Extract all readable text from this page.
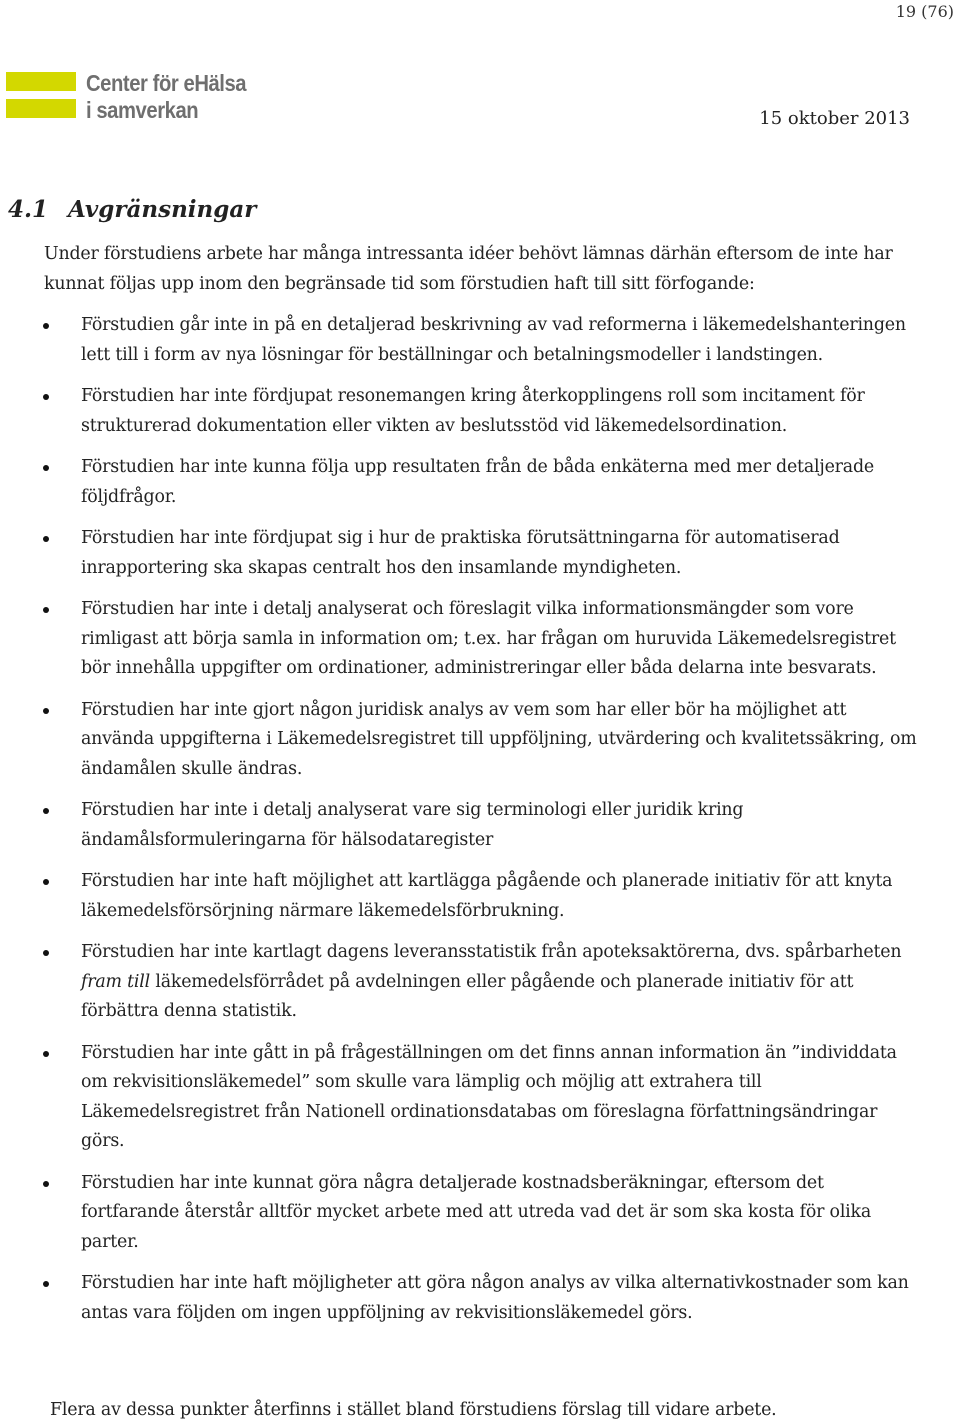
19 (76)
Center för eHälsa
i samverkan	15 oktober 2013
4.1 Avgränsningar

Under förstudiens arbete har många intressanta idéer behövt lämnas därhän eftersom de inte har kunnat följas upp inom den begränsade tid som förstudien haft till sitt förfogande:

Förstudien går inte in på en detaljerad beskrivning av vad reformerna i läkemedelshanteringen lett till i form av nya lösningar för beställningar och betalningsmodeller i landstingen.
Förstudien har inte fördjupat resonemangen kring återkopplingens roll som incitament för strukturerad dokumentation eller vikten av beslutsstöd vid läkemedelsordination.
Förstudien har inte kunna följa upp resultaten från de båda enkäterna med mer detaljerade följdfrågor.
Förstudien har inte fördjupat sig i hur de praktiska förutsättningarna för automatiserad inrapportering ska skapas centralt hos den insamlande myndigheten.
Förstudien har inte i detalj analyserat och föreslagit vilka informationsmängder som vore rimligast att börja samla in information om; t.ex. har frågan om huruvida Läkemedelsregistret bör innehålla uppgifter om ordinationer, administreringar eller båda delarna inte besvarats.
Förstudien har inte gjort någon juridisk analys av vem som har eller bör ha möjlighet att använda uppgifterna i Läkemedelsregistret till uppföljning, utvärdering och kvalitetssäkring, om ändamålen skulle ändras.
Förstudien har inte i detalj analyserat vare sig terminologi eller juridik kring ändamålsformuleringarna för hälsodataregister
Förstudien har inte haft möjlighet att kartlägga pågående och planerade initiativ för att knyta läkemedelsförsörjning närmare läkemedelsförbrukning.
Förstudien har inte kartlagt dagens leveransstatistik från apoteksaktörerna, dvs. spårbarheten fram till läkemedelsförrådet på avdelningen eller pågående och planerade initiativ för att förbättra denna statistik.
Förstudien har inte gått in på frågeställningen om det finns annan information än ”individdata om rekvisitionsläkemedel” som skulle vara lämplig och möjlig att extrahera till Läkemedelsregistret från Nationell ordinationsdatabas om föreslagna författningsändringar görs.
Förstudien har inte kunnat göra några detaljerade kostnadsberäkningar, eftersom det fortfarande återstår alltför mycket arbete med att utreda vad det är som ska kosta för olika parter.
Förstudien har inte haft möjligheter att göra någon analys av vilka alternativkostnader som kan antas vara följden om ingen uppföljning av rekvisitionsläkemedel görs.

Flera av dessa punkter återfinns i stället bland förstudiens förslag till vidare arbete.
